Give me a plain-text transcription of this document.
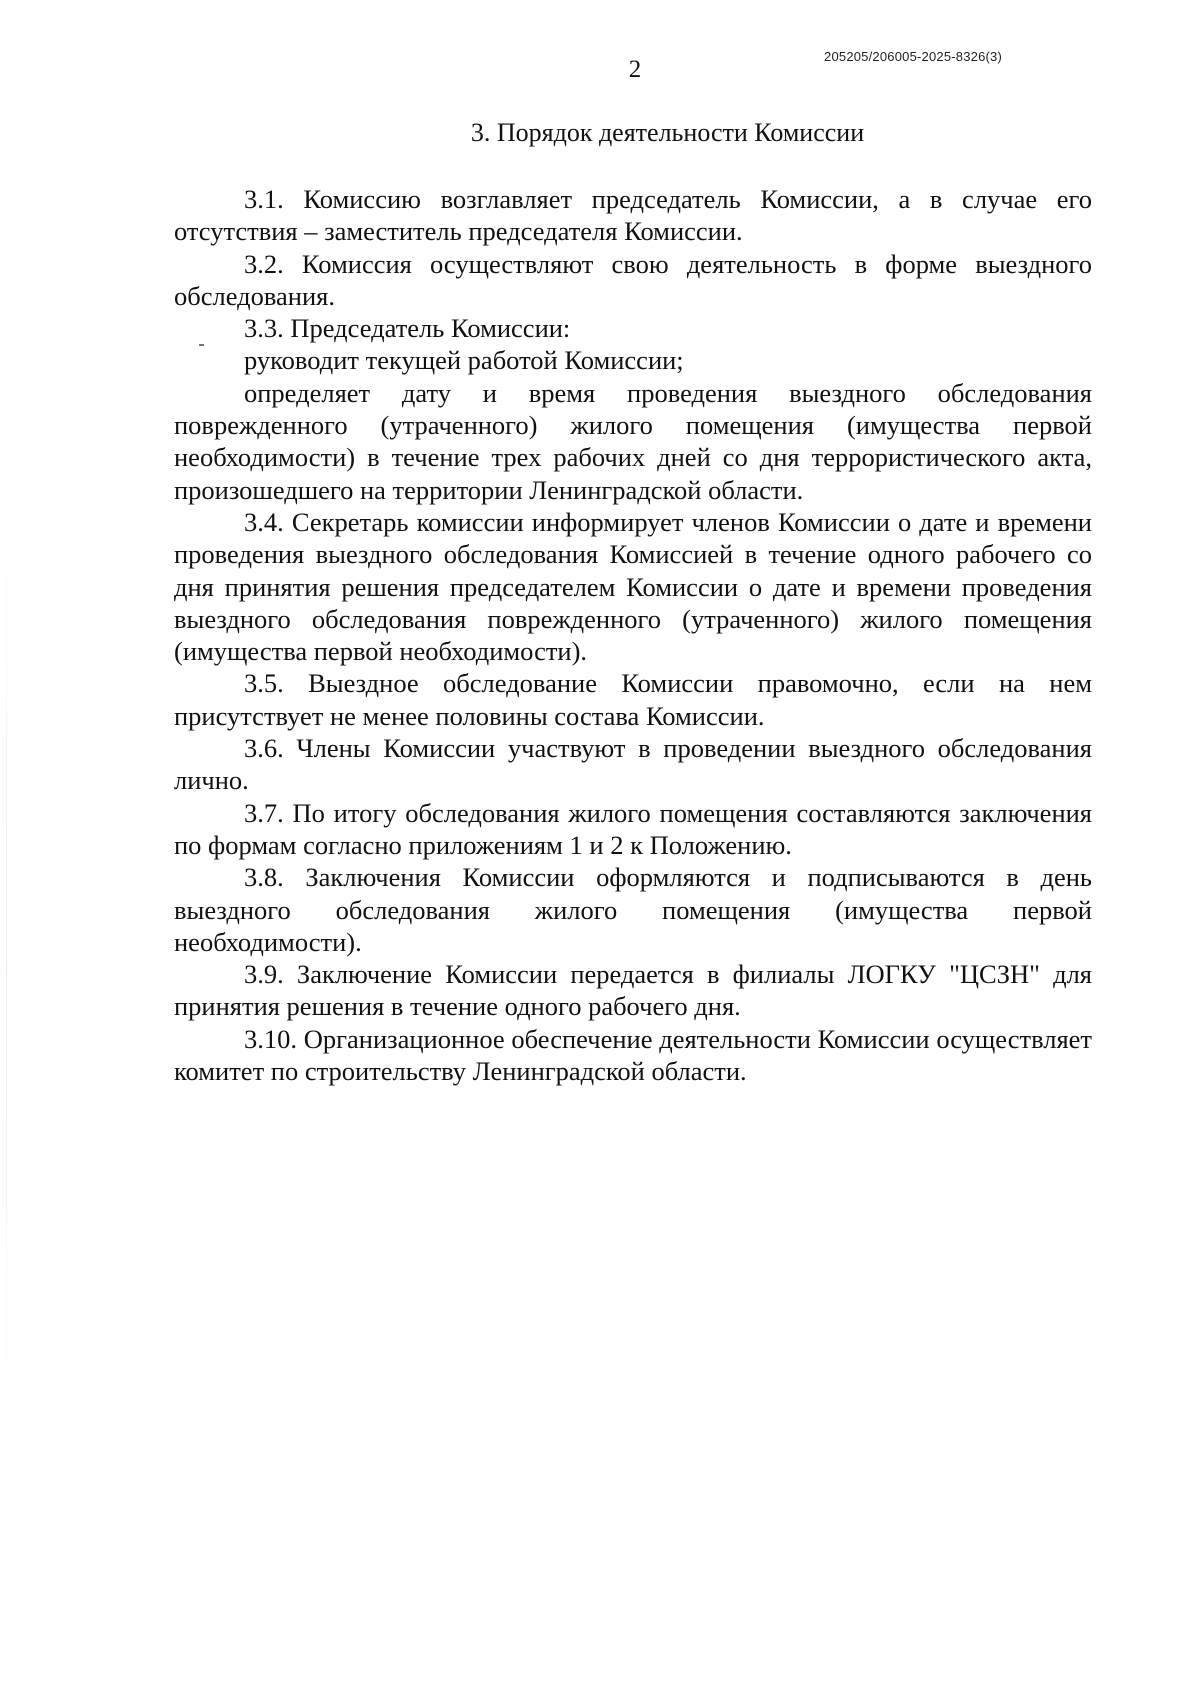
205205/206005-2025-8326(3)
2
3. Порядок деятельности Комиссии

3.1. Комиссию возглавляет председатель Комиссии, а в случае его отсутствия – заместитель председателя Комиссии.

3.2. Комиссия осуществляют свою деятельность в форме выездного обследования.

3.3. Председатель Комиссии:

руководит текущей работой Комиссии;

определяет дату и время проведения выездного обследования поврежденного (утраченного) жилого помещения (имущества первой необходимости) в течение трех рабочих дней со дня террористического акта, произошедшего на территории Ленинградской области.

3.4. Секретарь комиссии информирует членов Комиссии о дате и времени проведения выездного обследования Комиссией в течение одного рабочего со дня принятия решения председателем Комиссии о дате и времени проведения выездного обследования поврежденного (утраченного) жилого помещения (имущества первой необходимости).

3.5. Выездное обследование Комиссии правомочно, если на нем присутствует не менее половины состава Комиссии.

3.6. Члены Комиссии участвуют в проведении выездного обследования лично.

3.7. По итогу обследования жилого помещения составляются заключения по формам согласно приложениям 1 и 2 к Положению.

3.8. Заключения Комиссии оформляются и подписываются в день выездного обследования жилого помещения (имущества первой необходимости).

3.9. Заключение Комиссии передается в филиалы ЛОГКУ "ЦСЗН" для принятия решения в течение одного рабочего дня.

3.10. Организационное обеспечение деятельности Комиссии осуществляет комитет по строительству Ленинградской области.
